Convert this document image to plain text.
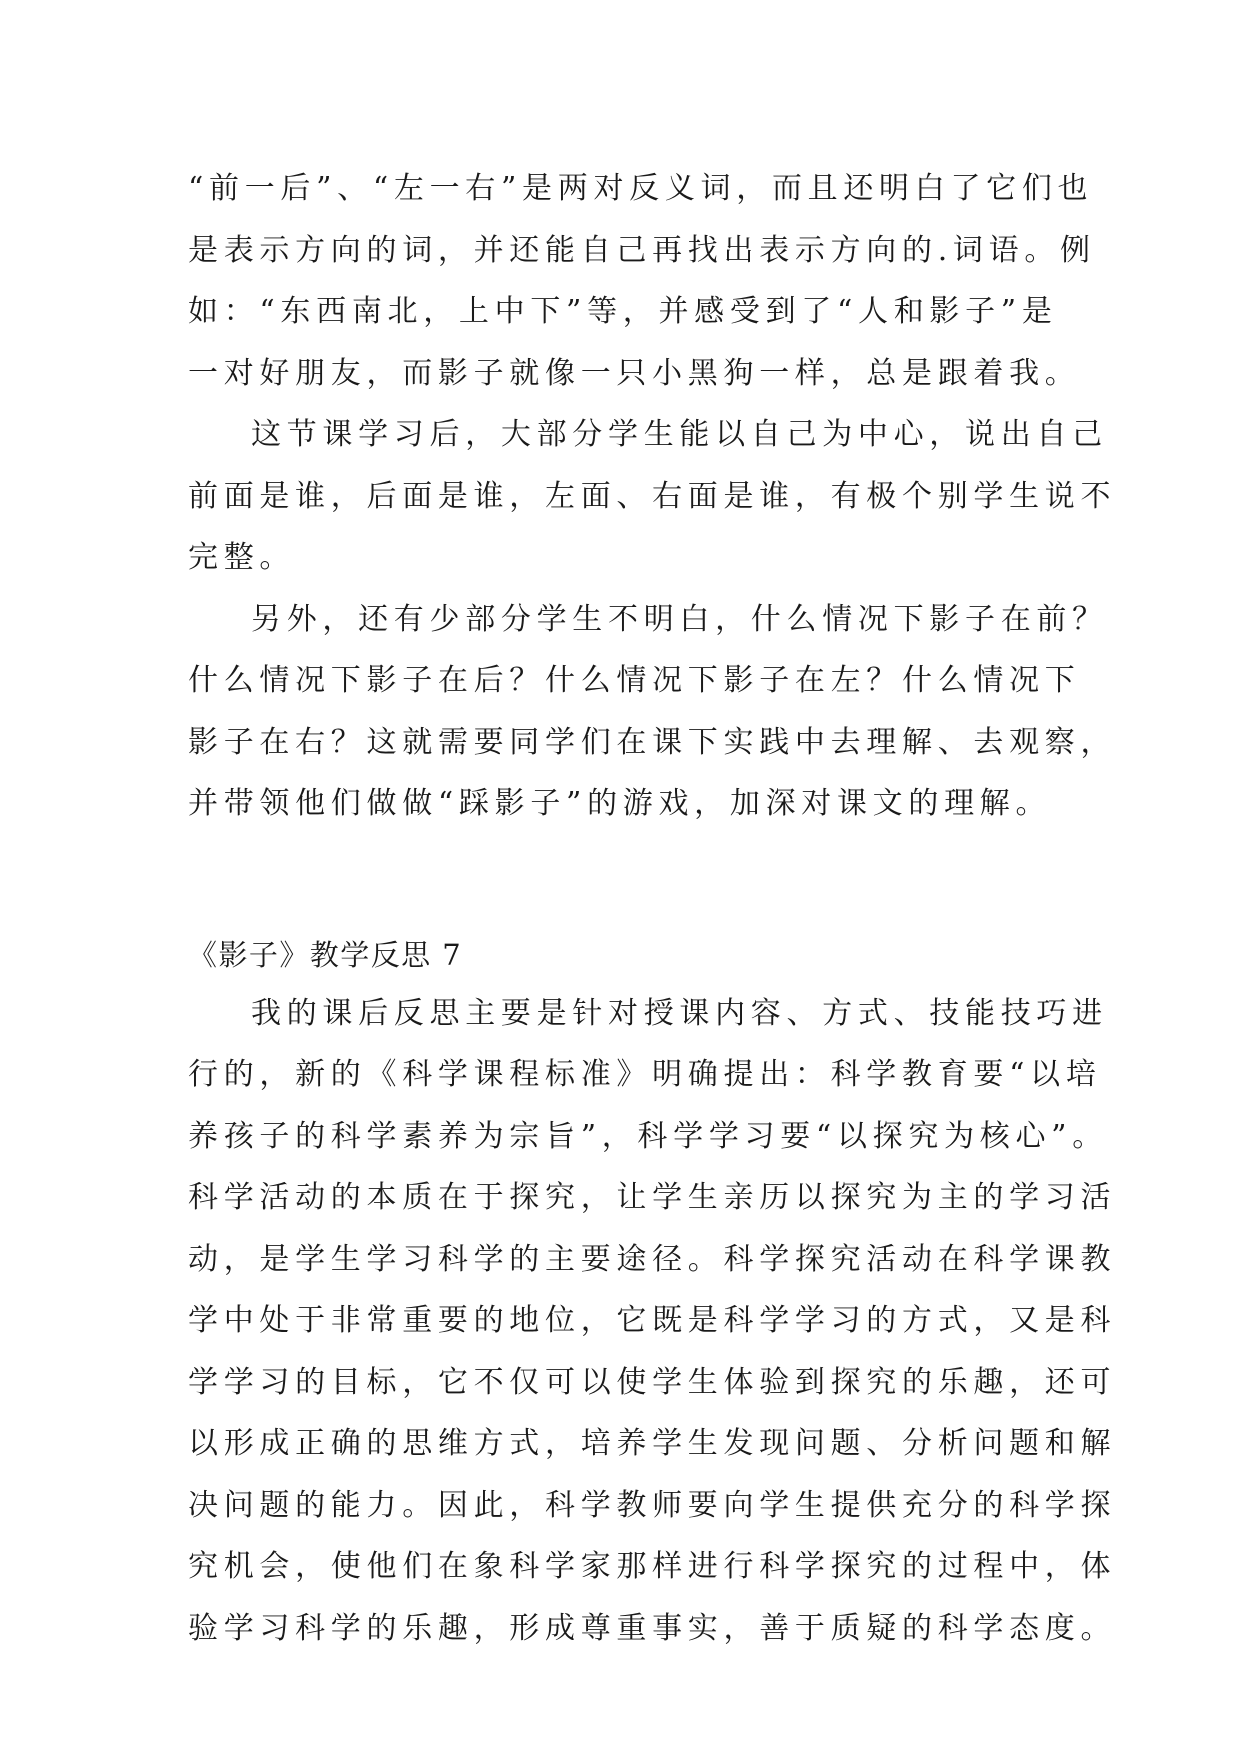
“前一后”、“左一右”是两对反义词，而且还明白了它们也
是表示方向的词，并还能自己再找出表示方向的.词语。例
如：“东西南北，上中下”等，并感受到了“人和影子”是
一对好朋友，而影子就像一只小黑狗一样，总是跟着我。
这节课学习后，大部分学生能以自己为中心，说出自己
前面是谁，后面是谁，左面、右面是谁，有极个别学生说不
完整。
另外，还有少部分学生不明白，什么情况下影子在前？
什么情况下影子在后？什么情况下影子在左？什么情况下
影子在右？这就需要同学们在课下实践中去理解、去观察，
并带领他们做做“踩影子”的游戏，加深对课文的理解。
《影子》教学反思 7
我的课后反思主要是针对授课内容、方式、技能技巧进
行的，新的《科学课程标准》明确提出：科学教育要“以培
养孩子的科学素养为宗旨”，科学学习要“以探究为核心”。
科学活动的本质在于探究，让学生亲历以探究为主的学习活
动，是学生学习科学的主要途径。科学探究活动在科学课教
学中处于非常重要的地位，它既是科学学习的方式，又是科
学学习的目标，它不仅可以使学生体验到探究的乐趣，还可
以形成正确的思维方式，培养学生发现问题、分析问题和解
决问题的能力。因此，科学教师要向学生提供充分的科学探
究机会，使他们在象科学家那样进行科学探究的过程中，体
验学习科学的乐趣，形成尊重事实，善于质疑的科学态度。
